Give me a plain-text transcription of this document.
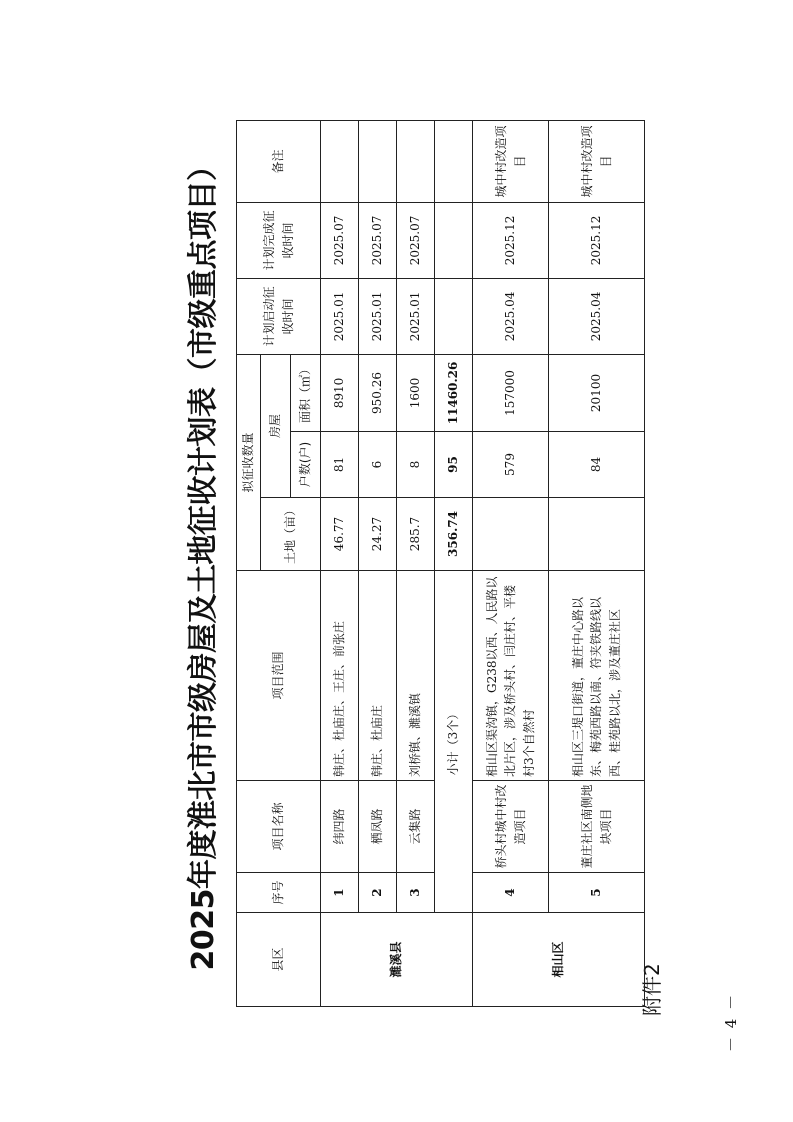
－ 4 －
附件2
2025年度淮北市市级房屋及土地征收计划表（市级重点项目）	县区	序号	项目名称	项目范围	拟征收数量			计划启动征收时间	计划完成征收时间	备注
				土地（亩）	房屋				
					户数(户)	面积（㎡）			
濉溪县	1	纬四路	韩庄、杜庙庄、王庄、前张庄	46.77	81	8910	2025.01	2025.07	
	2	栖凤路	韩庄、杜庙庄	24.27	6	950.26	2025.01	2025.07	
	3	云集路	刘桥镇、濉溪镇	285.7	8	1600	2025.01	2025.07	
	小计（3个）			356.74	95	11460.26			
相山区	4	桥头村城中村改造项目	相山区渠沟镇，G238以西、人民路以北片区，涉及桥头村、闫庄村、平楼村3个自然村		579	157000	2025.04	2025.12	城中村改造项目
	5	董庄社区南侧地块项目	相山区三堤口街道，董庄中心路以东、梅苑西路以南、符夹铁路线以西、桂苑路以北，涉及董庄社区		84	20100	2025.04	2025.12	城中村改造项目
